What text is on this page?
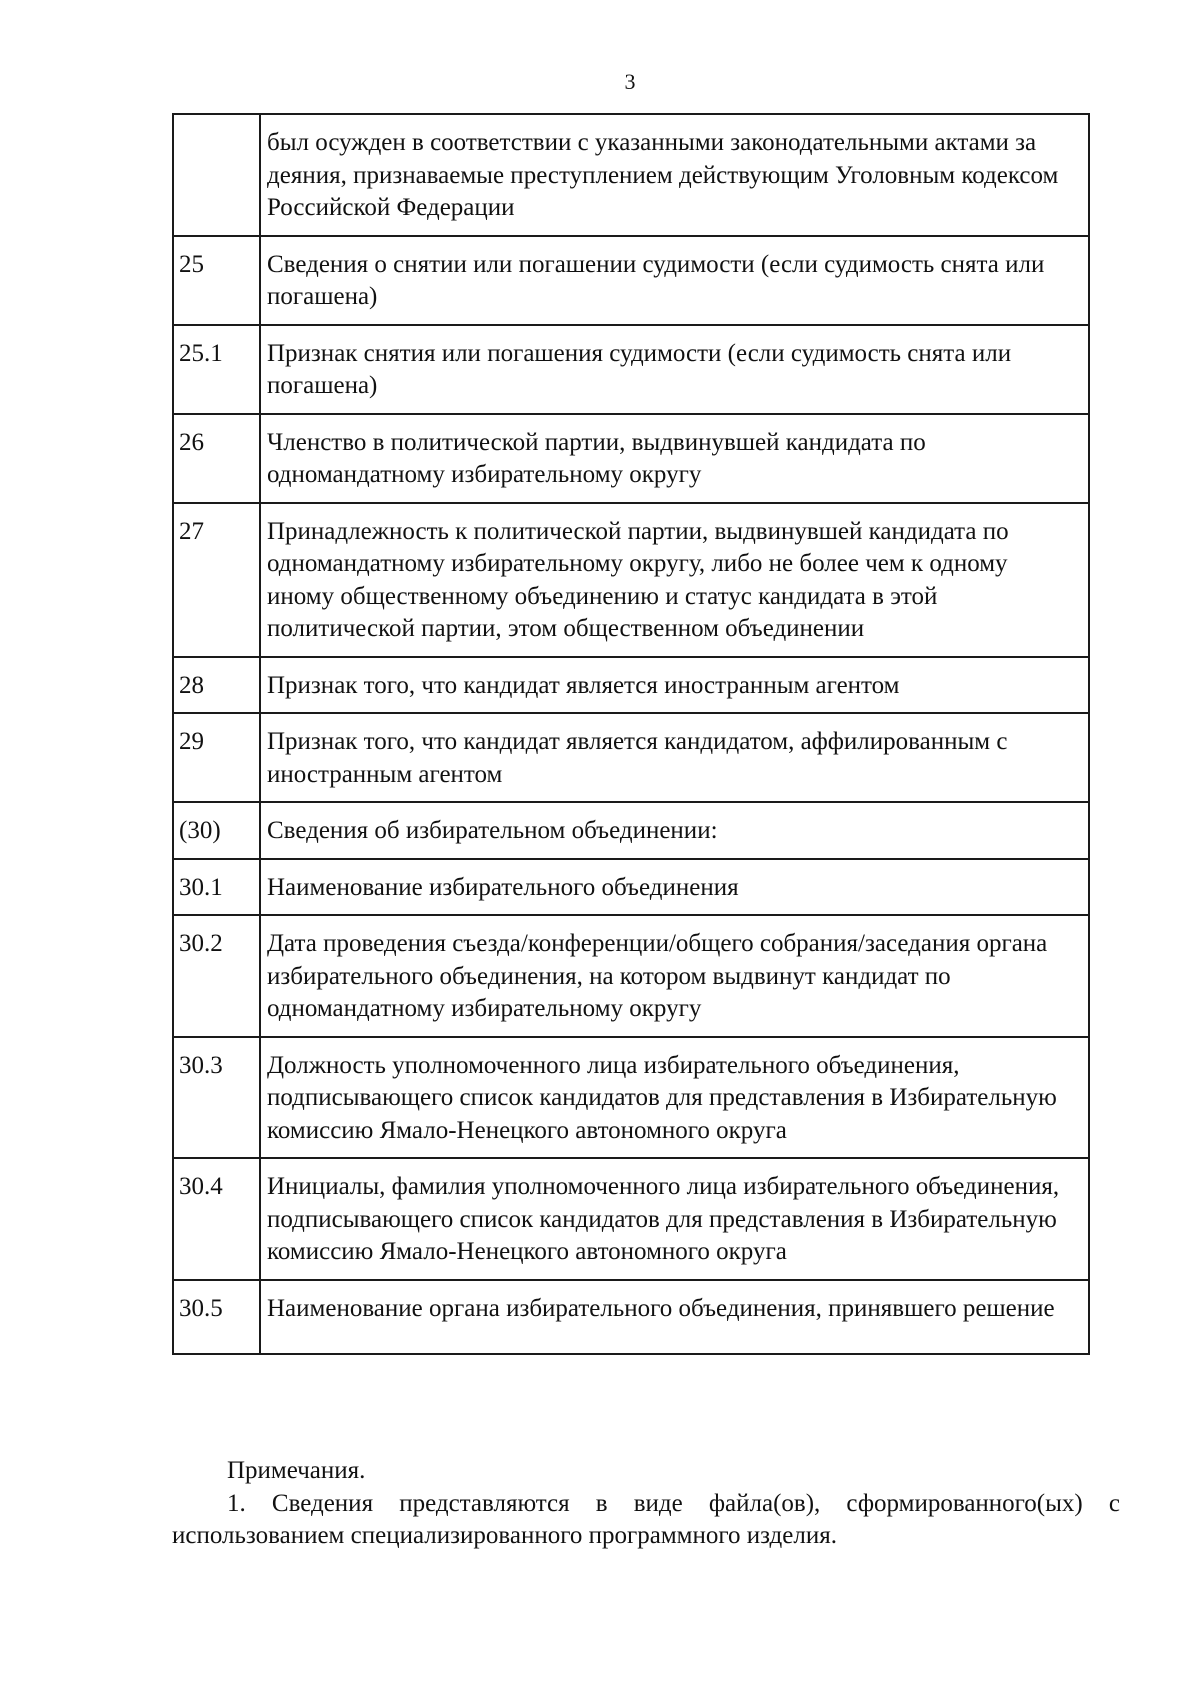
3
	был осужден в соответствии с указанными законодательными актами за деяния, признаваемые преступлением действующим Уголовным кодексом Российской Федерации
25	Сведения о снятии или погашении судимости (если судимость снята или погашена)
25.1	Признак снятия или погашения судимости (если судимость снята или погашена)
26	Членство в политической партии, выдвинувшей кандидата по одномандатному избирательному округу
27	Принадлежность к политической партии, выдвинувшей кандидата по одномандатному избирательному округу, либо не более чем к одному иному общественному объединению и статус кандидата в этой политической партии, этом общественном объединении
28	Признак того, что кандидат является иностранным агентом
29	Признак того, что кандидат является кандидатом, аффилированным с иностранным агентом
(30)	Сведения об избирательном объединении:
30.1	Наименование избирательного объединения
30.2	Дата проведения съезда/конференции/общего собрания/заседания органа избирательного объединения, на котором выдвинут кандидат по одномандатному избирательному округу
30.3	Должность уполномоченного лица избирательного объединения, подписывающего список кандидатов для представления в Избирательную комиссию Ямало-Ненецкого автономного округа
30.4	Инициалы, фамилия уполномоченного лица избирательного объединения, подписывающего список кандидатов для представления в Избирательную комиссию Ямало-Ненецкого автономного округа
30.5	Наименование органа избирательного объединения, принявшего решение
Примечания.
1. Сведения представляются в виде файла(ов), сформированного(ых) с использованием специализированного программного изделия.
